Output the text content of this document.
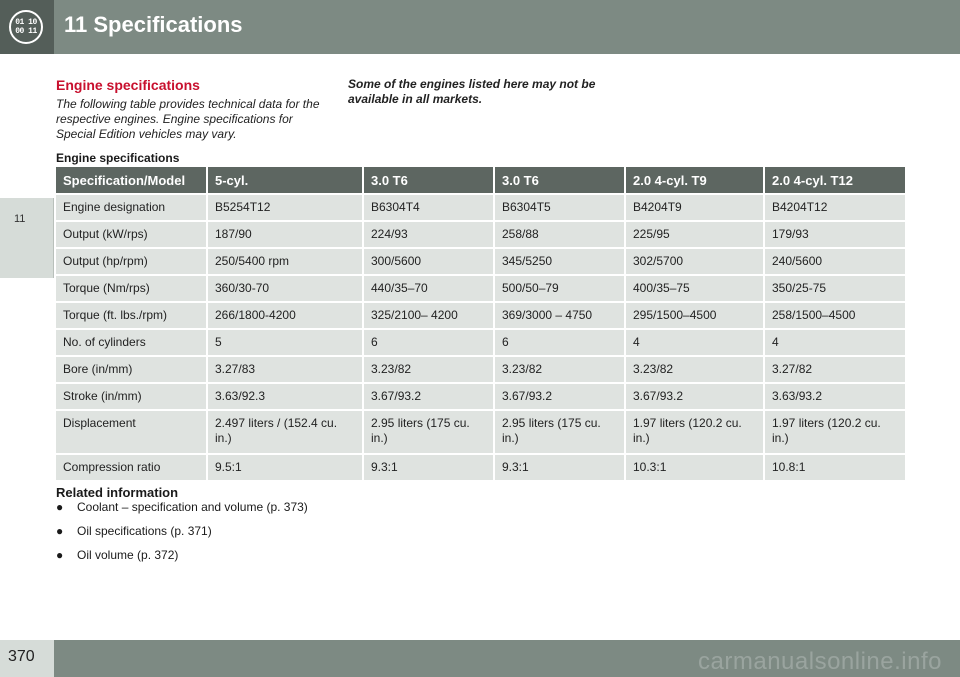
01 10
00 11 11 Specifications
11
Engine specifications
The following table provides technical data for the respective engines. Engine specifications for Special Edition vehicles may vary.
Some of the engines listed here may not be available in all markets.
Engine specifications
Specification/Model	5-cyl.	3.0 T6	3.0 T6	2.0 4-cyl. T9	2.0 4-cyl. T12
Engine designation	B5254T12	B6304T4	B6304T5	B4204T9	B4204T12
Output (kW/rps)	187/90	224/93	258/88	225/95	179/93
Output (hp/rpm)	250/5400 rpm	300/5600	345/5250	302/5700	240/5600
Torque (Nm/rps)	360/30-70	440/35–70	500/50–79	400/35–75	350/25-75
Torque (ft. lbs./rpm)	266/1800-4200	325/2100– 4200	369/3000 – 4750	295/1500–4500	258/1500–4500
No. of cylinders	5	6	6	4	4
Bore (in/mm)	3.27/83	3.23/82	3.23/82	3.23/82	3.27/82
Stroke (in/mm)	3.63/92.3	3.67/93.2	3.67/93.2	3.67/93.2	3.63/93.2
Displacement	2.497 liters / (152.4 cu. in.)	2.95 liters (175 cu. in.)	2.95 liters (175 cu. in.)	1.97 liters (120.2 cu. in.)	1.97 liters (120.2 cu. in.)
Compression ratio	9.5:1	9.3:1	9.3:1	10.3:1	10.8:1
Related information
● Coolant – specification and volume (p. 373)
● Oil specifications (p. 371)
● Oil volume (p. 372)
370	carmanualsonline.info
